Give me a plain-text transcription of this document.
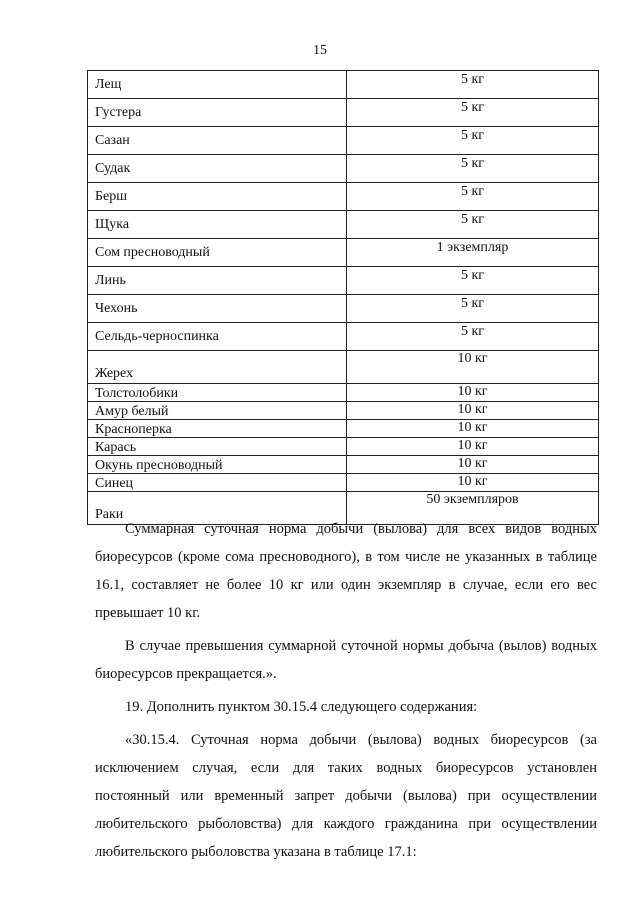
15
Лещ	5 кг
Густера	5 кг
Сазан	5 кг
Судак	5 кг
Берш	5 кг
Щука	5 кг
Сом пресноводный	1 экземпляр
Линь	5 кг
Чехонь	5 кг
Сельдь-черноспинка	5 кг
Жерех	10 кг
Толстолобики	10 кг
Амур белый	10 кг
Красноперка	10 кг
Карась	10 кг
Окунь пресноводный	10 кг
Синец	10 кг
Раки	50 экземпляров

Суммарная суточная норма добычи (вылова) для всех видов водных биоресурсов (кроме сома пресноводного), в том числе не указанных в таблице 16.1, составляет не более 10 кг или один экземпляр в случае, если его вес превышает 10 кг.

В случае превышения суммарной суточной нормы добыча (вылов) водных биоресурсов прекращается.».

19. Дополнить пунктом 30.15.4 следующего содержания:

«30.15.4. Суточная норма добычи (вылова) водных биоресурсов (за исключением случая, если для таких водных биоресурсов установлен постоянный или временный запрет добычи (вылова) при осуществлении любительского рыболовства) для каждого гражданина при осуществлении любительского рыболовства указана в таблице 17.1:
